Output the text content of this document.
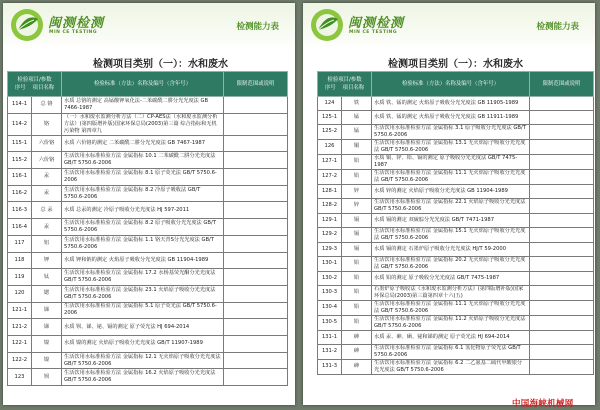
闽测检测
MIN CE TESTING
检测能力表
检测项目类别（一）：水和废水
检验项目/参数
序号 项目名称		检验标准（方法）名称及编号（含年号）	限制范围或说明
114-1	总 铬	水质 总铬的测定 高锰酸钾氧化法-二苯碳酰二肼分光光度法 GB 7466-1987	
114-2	铬	（一）水和废水监测分析方法（二）CP-AES法（水和废水监测分析方法）(第四版增补版)国家环保总局(2003)第三篇 综合指标和无机污染物 第四章九	
115-1	六价铬	水质 六价铬的测定 二苯碳酰二肼分光光度法 GB 7467-1987	
115-2	六价铬	生活饮用水标准检验方法 金属指标 10.1 二苯碳酰二肼分光光度法 GB/T 5750.6-2006	
116-1	汞	生活饮用水标准检验方法 金属指标 8.1 原子荧光法 GB/T 5750.6-2006	
116-2	汞	生活饮用水标准检验方法 金属指标 8.2 冷原子吸收法 GB/T 5750.6-2006	
116-3	总 汞	水质 总汞的测定 冷原子吸收分光光度法 HJ 597-2011	
116-4	汞	生活饮用水标准检验方法 金属指标 8.2 原子吸收分光光度法 GB/T 5750.6-2006	
117	铝	生活饮用水标准检验方法 金属指标 1.1 铬天青S分光光度法 GB/T 5750.6-2006	
118	钾	水质 钾和钠的测定 火焰原子吸收分光光度法 GB 11904-1989	
119	钛	生活饮用水标准检验方法 金属指标 17.2 水杨基荧光酮分光光度法 GB/T 5750.6-2006	
120	锶	生活饮用水标准检验方法 金属指标 23.1 火焰原子吸收分光光度法 GB/T 5750.6-2006	
121-1	锑	生活饮用水标准检验方法 金属指标 5.1 原子荧光法 GB/T 5750.6-2006	
121-2	锑	水质 钡、锑、铋、镉的测定 原子荧光法 HJ 694-2014	
122-1	镍	水质 镍的测定 火焰原子吸收分光光度法 GB/T 11907-1989	
122-2	镍	生活饮用水标准检验方法 金属指标 12.1 无火焰原子吸收分光光度法 GB/T 5750.6-2006	
123	钡	生活饮用水标准检验方法 金属指标 16.2 火焰原子吸收分光光度法 GB/T 5750.6-2006	
闽测检测
MIN CE TESTING
检测能力表
检测项目类别（一）：水和废水
检验项目/参数
序号 项目名称		检验标准（方法）名称及编号（含年号）	限制范围或说明
124	铁	水质 铁、锰的测定 火焰原子吸收分光光度法 GB 11905-1989	
125-1	锰	水质 铁、锰的测定 火焰原子吸收分光光度法 GB 11911-1989	
125-2	锰	生活饮用水标准检验方法 金属指标 3.1 原子吸收分光光度法 GB/T 5750.6-2006	
126	铜	生活饮用水标准检验方法 金属指标 13.1 无火焰原子吸收分光光度法 GB/T 5750.6-2006	
127-1	铅	水质 铜、锌、铅、镉的测定 原子吸收分光光度法 GB/T 7475-1987	
127-2	铅	生活饮用水标准检验方法 金属指标 11.1 无火焰原子吸收分光光度法 GB/T 5750.6-2006	
128-1	锌	水质 锌的测定 火焰原子吸收分光光度法 GB 11904-1989	
128-2	锌	生活饮用水标准检验方法 金属指标 22.1 火焰原子吸收分光光度法 GB/T 5750.6-2006	
129-1	镉	水质 镉的测定 双硫腙分光光度法 GB/T 7471-1987	
129-2	镉	生活饮用水标准检验方法 金属指标 15.1 无火焰原子吸收分光光度法 GB/T 5750.6-2006	
129-3	镉	水质 镉的测定 石墨炉原子吸收分光光度法 HJ/T 59-2000	
130-1	铅	生活饮用水标准检验方法 金属指标 20.2 无火焰原子吸收分光光度法 GB/T 5750.6-2006	
130-2	铅	水质 铅的测定 原子吸收分光光度法 GB/T 7475-1987	
130-3	铅	石墨炉原子吸收法《水和废水监测分析方法》(第四版增补版)国家环保总局(2003)第三篇第四章十六(五)	
130-4	铅	生活饮用水标准检验方法 金属指标 11.1 无火焰原子吸收分光光度法 GB/T 5750.6-2006	
130-5	铅	生活饮用水标准检验方法 金属指标 11.2 火焰原子吸收分光光度法 GB/T 5750.6-2006	
131-1	砷	水质 汞、砷、硒、铋和锑的测定 原子荧光法 HJ 694-2014	
131-2	砷	生活饮用水标准检验方法 金属指标 6.1 氢化物原子荧光法 GB/T 5750.6-2006	
131-3	砷	生活饮用水标准检验方法 金属指标 6.2 二乙氨基二硫代甲酸银分光光度法 GB/T 5750.6-2006	
中国海峡机械网
